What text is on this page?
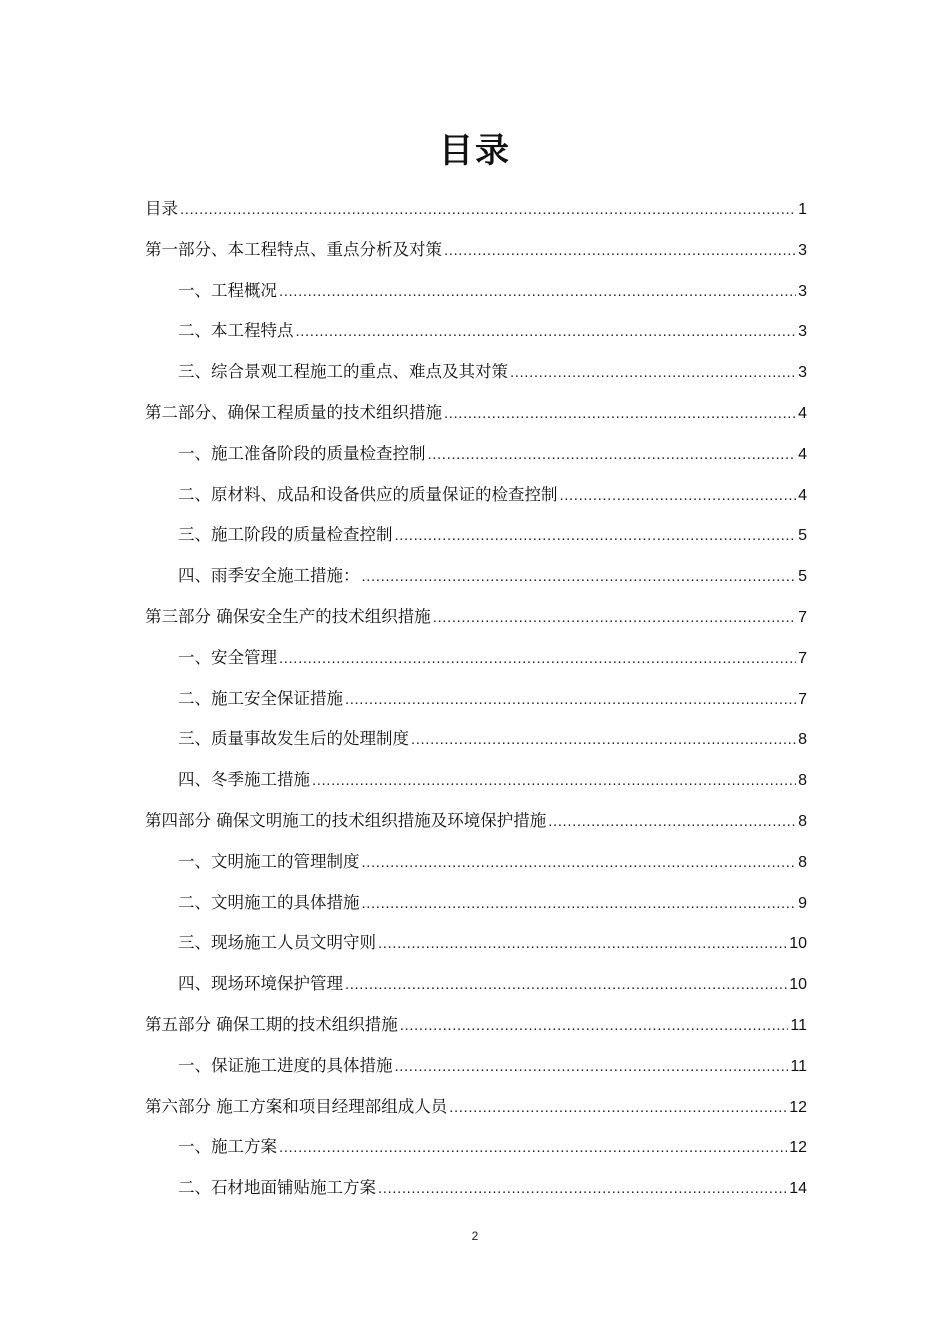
目录
目录 .....	1
第一部分、本工程特点、重点分析及对策 .....	3
一、工程概况 .....	3
二、本工程特点 .....	3
三、综合景观工程施工的重点、难点及其对策 .....	3
第二部分、确保工程质量的技术组织措施 .....	4
一、施工准备阶段的质量检查控制 .....	4
二、原材料、成品和设备供应的质量保证的检查控制 .....	4
三、施工阶段的质量检查控制 .....	5
四、雨季安全施工措施： .....	5
第三部分 确保安全生产的技术组织措施 .....	7
一、安全管理 .....	7
二、施工安全保证措施 .....	7
三、质量事故发生后的处理制度 .....	8
四、冬季施工措施 .....	8
第四部分 确保文明施工的技术组织措施及环境保护措施 .....	8
一、文明施工的管理制度 .....	8
二、文明施工的具体措施 .....	9
三、现场施工人员文明守则 .....	10
四、现场环境保护管理 .....	10
第五部分 确保工期的技术组织措施 .....	11
一、保证施工进度的具体措施 .....	11
第六部分 施工方案和项目经理部组成人员 .....	12
一、施工方案 .....	12
二、石材地面铺贴施工方案 .....	14
2
